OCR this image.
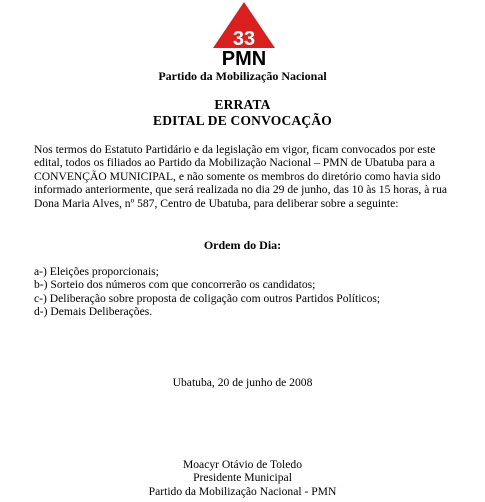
33
PMN
Partido da Mobilização Nacional
ERRATA
EDITAL DE CONVOCAÇÃO
Nos termos do Estatuto Partidário e da legislação em vigor, ficam convocados por este edital, todos os filiados ao Partido da Mobilização Nacional – PMN de Ubatuba para a CONVENÇÃO MUNICIPAL, e não somente os membros do diretório como havia sido informado anteriormente, que será realizada no dia 29 de junho, das 10 às 15 horas, à rua Dona Maria Alves, nº 587, Centro de Ubatuba, para deliberar sobre a seguinte:
Ordem do Dia:
a-) Eleições proporcionais;
b-) Sorteio dos números com que concorrerão os candidatos;
c-) Deliberação sobre proposta de coligação com outros Partidos Políticos;
d-) Demais Deliberações.
Ubatuba, 20 de junho de 2008
Moacyr Otávio de Toledo
Presidente Municipal
Partido da Mobilização Nacional - PMN
